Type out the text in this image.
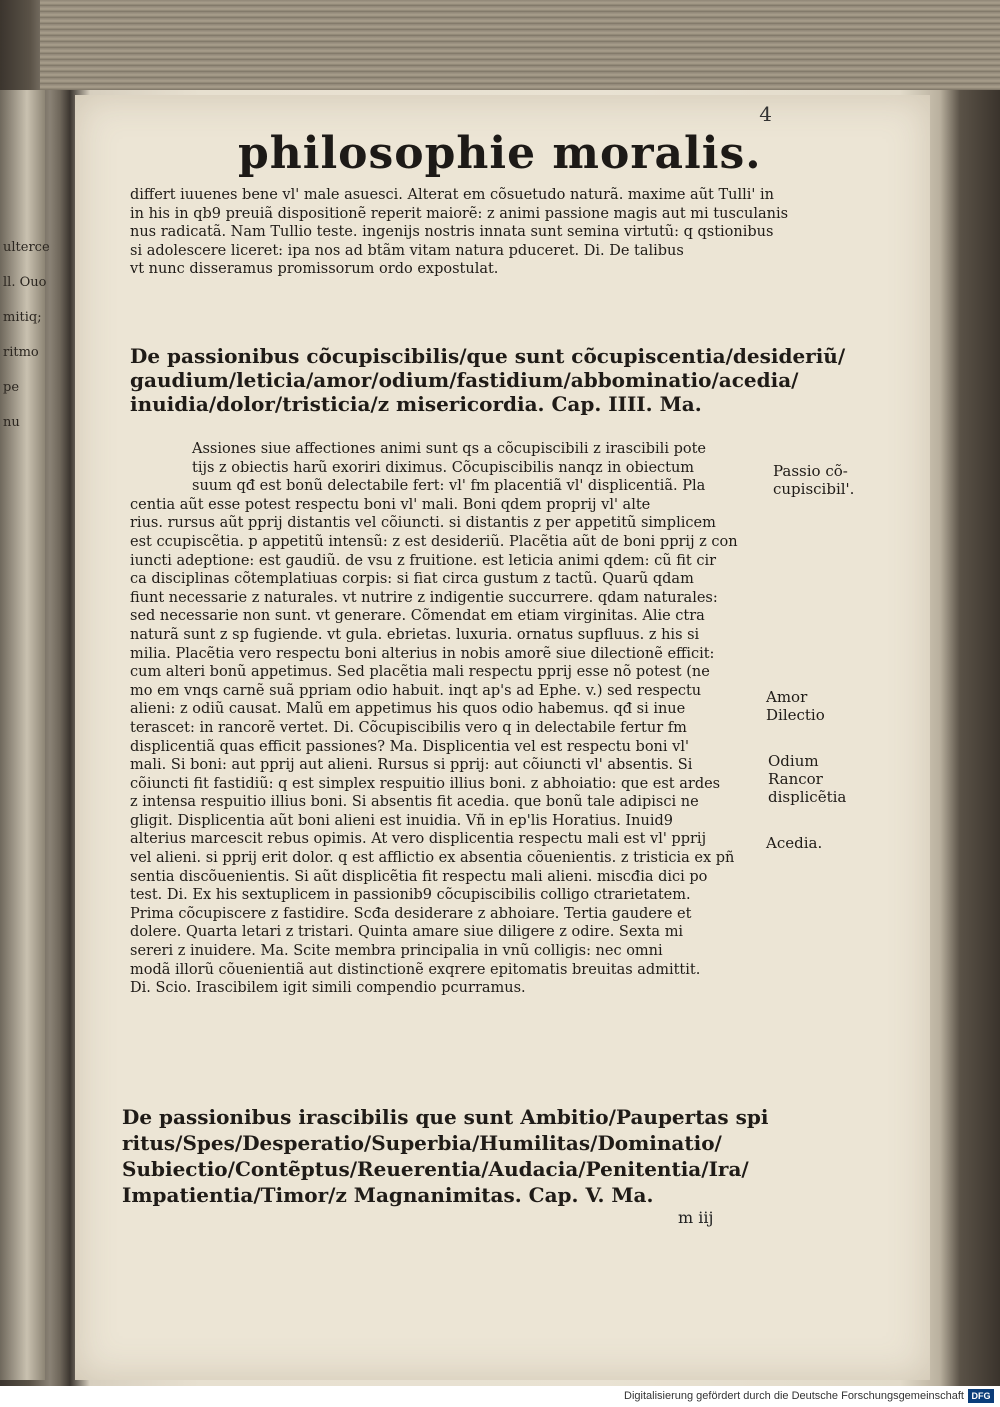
ulterce
ll. Ouo
mitiq;
ritmo
pe
nu
4
philosophie moralis.
differt iuuenes bene vl' male asuesci. Alterat em cõsuetudo naturã. maxime aũt Tulli' in
in his in qb9 preuiã dispositionẽ reperit maiorẽ: z animi passione magis aut mi tusculanis
nus radicatã. Nam Tullio teste. ingenijs nostris innata sunt semina virtutũ: q qstionibus
si adolescere liceret: ipa nos ad btãm vitam natura pduceret. Di. De talibus
vt nunc disseramus promissorum ordo expostulat.
De passionibus cõcupiscibilis/que sunt cõcupiscentia/desideriũ/
gaudium/leticia/amor/odium/fastidium/abbominatio/acedia/
inuidia/dolor/tristicia/z misericordia. Cap. IIII. Ma.
Assiones siue affectiones animi sunt qs a cõcupiscibili z irascibili pote
tijs z obiectis harũ exoriri diximus. Cõcupiscibilis nanqz in obiectum
suum qđ est bonũ delectabile fert: vl' fm placentiã vl' displicentiã. Pla
centia aũt esse potest respectu boni vl' mali. Boni qdem proprij vl' alte
rius. rursus aũt pprij distantis vel cõiuncti. si distantis z per appetitũ simplicem
est ccupiscẽtia. p appetitũ intensũ: z est desideriũ. Placẽtia aũt de boni pprij z con
iuncti adeptione: est gaudiũ. de vsu z fruitione. est leticia animi qdem: cũ fit cir
ca disciplinas cõtemplatiuas corpis: si fiat circa gustum z tactũ. Quarũ qdam
fiunt necessarie z naturales. vt nutrire z indigentie succurrere. qdam naturales:
sed necessarie non sunt. vt generare. Cõmendat em etiam virginitas. Alie ctra
naturã sunt z sp fugiende. vt gula. ebrietas. luxuria. ornatus supfluus. z his si
milia. Placẽtia vero respectu boni alterius in nobis amorẽ siue dilectionẽ efficit:
cum alteri bonũ appetimus. Sed placẽtia mali respectu pprij esse nõ potest (ne
mo em vnqs carnẽ suã ppriam odio habuit. inqt ap's ad Ephe. v.) sed respectu
alieni: z odiũ causat. Malũ em appetimus his quos odio habemus. qđ si inue
terascet: in rancorẽ vertet. Di. Cõcupiscibilis vero q in delectabile fertur fm
displicentiã quas efficit passiones? Ma. Displicentia vel est respectu boni vl'
mali. Si boni: aut pprij aut alieni. Rursus si pprij: aut cõiuncti vl' absentis. Si
cõiuncti fit fastidiũ: q est simplex respuitio illius boni. z abhoiatio: que est ardes
z intensa respuitio illius boni. Si absentis fit acedia. que bonũ tale adipisci ne
gligit. Displicentia aũt boni alieni est inuidia. Vñ in ep'lis Horatius. Inuid9
alterius marcescit rebus opimis. At vero displicentia respectu mali est vl' pprij
vel alieni. si pprij erit dolor. q est afflictio ex absentia cõuenientis. z tristicia ex pñ
sentia discõuenientis. Si aũt displicẽtia fit respectu mali alieni. miscđia dici po
test. Di. Ex his sextuplicem in passionib9 cõcupiscibilis colligo ctrarietatem.
Prima cõcupiscere z fastidire. Scđa desiderare z abhoiare. Tertia gaudere et
dolere. Quarta letari z tristari. Quinta amare siue diligere z odire. Sexta mi
sereri z inuidere. Ma. Scite membra principalia in vnũ colligis: nec omni
modã illorũ cõuenientiã aut distinctionẽ exqrere epitomatis breuitas admittit.
Di. Scio. Irascibilem igit simili compendio pcurramus.
De passionibus irascibilis que sunt Ambitio/Paupertas spi
ritus/Spes/Desperatio/Superbia/Humilitas/Dominatio/
Subiectio/Contẽptus/Reuerentia/Audacia/Penitentia/Ira/
Impatientia/Timor/z Magnanimitas. Cap. V. Ma.
m iij
Passio cõ-
cupiscibil'.
Amor
Dilectio
Odium
Rancor
displicẽtia
Acedia.
Digitalisierung gefördert durch die Deutsche Forschungsgemeinschaft DFG
